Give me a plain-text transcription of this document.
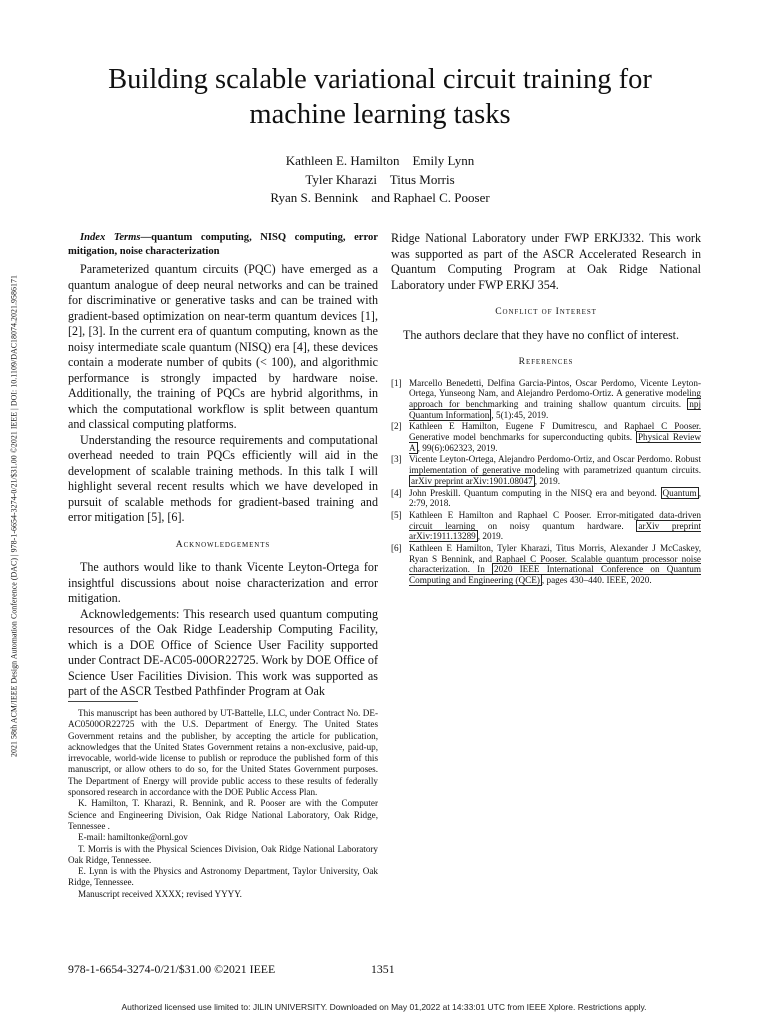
Building scalable variational circuit training for machine learning tasks
Kathleen E. Hamilton    Emily Lynn
Tyler Kharazi    Titus Morris
Ryan S. Bennink    and Raphael C. Pooser
2021 58th ACM/IEEE Design Automation Conference (DAC) | 978-1-6654-3274-0/21/$31.00 ©2021 IEEE | DOI: 10.1109/DAC18074.2021.9586171

Index Terms—quantum computing, NISQ computing, error mitigation, noise characterization

Parameterized quantum circuits (PQC) have emerged as a quantum analogue of deep neural networks and can be trained for discriminative or generative tasks and can be trained with gradient-based optimization on near-term quantum devices [1], [2], [3]. In the current era of quantum computing, known as the noisy intermediate scale quantum (NISQ) era [4], these devices contain a moderate number of qubits (< 100), and algorithmic performance is strongly impacted by hardware noise. Additionally, the training of PQCs are hybrid algorithms, in which the computational workflow is split between quantum and classical computing platforms.

Understanding the resource requirements and computational overhead needed to train PQCs efficiently will aid in the development of scalable training methods. In this talk I will highlight several recent results which we have developed in pursuit of scalable methods for gradient-based training and error mitigation [5], [6].

Acknowledgements

The authors would like to thank Vicente Leyton-Ortega for insightful discussions about noise characterization and error mitigation.

Acknowledgements: This research used quantum computing resources of the Oak Ridge Leadership Computing Facility, which is a DOE Office of Science User Facility supported under Contract DE-AC05-00OR22725. Work by DOE Office of Science User Facilities Division. This work was supported as part of the ASCR Testbed Pathfinder Program at Oak

This manuscript has been authored by UT-Battelle, LLC, under Contract No. DE-AC0500OR22725 with the U.S. Department of Energy. The United States Government retains and the publisher, by accepting the article for publication, acknowledges that the United States Government retains a non-exclusive, paid-up, irrevocable, world-wide license to publish or reproduce the published form of this manuscript, or allow others to do so, for the United States Government purposes. The Department of Energy will provide public access to these results of federally sponsored research in accordance with the DOE Public Access Plan.

K. Hamilton, T. Kharazi, R. Bennink, and R. Pooser are with the Computer Science and Engineering Division, Oak Ridge National Laboratory, Oak Ridge, Tennessee .

E-mail: hamiltonke@ornl.gov

T. Morris is with the Physical Sciences Division, Oak Ridge National Laboratory Oak Ridge, Tennessee.

E. Lynn is with the Physics and Astronomy Department, Taylor University, Oak Ridge, Tennessee.

Manuscript received XXXX; revised YYYY.

Ridge National Laboratory under FWP ERKJ332. This work was supported as part of the ASCR Accelerated Research in Quantum Computing Program at Oak Ridge National Laboratory under FWP ERKJ 354.

Conflict of Interest

The authors declare that they have no conflict of interest.

References
[1] Marcello Benedetti, Delfina Garcia-Pintos, Oscar Perdomo, Vicente Leyton-Ortega, Yunseong Nam, and Alejandro Perdomo-Ortiz. A generative modeling approach for benchmarking and training shallow quantum circuits. npj Quantum Information , 5(1):45, 2019.
[2] Kathleen E Hamilton, Eugene F Dumitrescu, and Raphael C Pooser. Generative model benchmarks for superconducting qubits. Physical Review A , 99(6):062323, 2019.
[3] Vicente Leyton-Ortega, Alejandro Perdomo-Ortiz, and Oscar Perdomo. Robust implementation of generative modeling with parametrized quantum circuits. arXiv preprint arXiv:1901.08047 , 2019.
[4] John Preskill. Quantum computing in the NISQ era and beyond. Quantum , 2:79, 2018.
[5] Kathleen E Hamilton and Raphael C Pooser. Error-mitigated data-driven circuit learning on noisy quantum hardware. arXiv preprint arXiv:1911.13289 , 2019.
[6] Kathleen E Hamilton, Tyler Kharazi, Titus Morris, Alexander J McCaskey, Ryan S Bennink, and Raphael C Pooser. Scalable quantum processor noise characterization. In 2020 IEEE International Conference on Quantum Computing and Engineering (QCE) , pages 430–440. IEEE, 2020.
978-1-6654-3274-0/21/$31.00 ©2021 IEEE	1351
Authorized licensed use limited to: JILIN UNIVERSITY. Downloaded on May 01,2022 at 14:33:01 UTC from IEEE Xplore. Restrictions apply.
